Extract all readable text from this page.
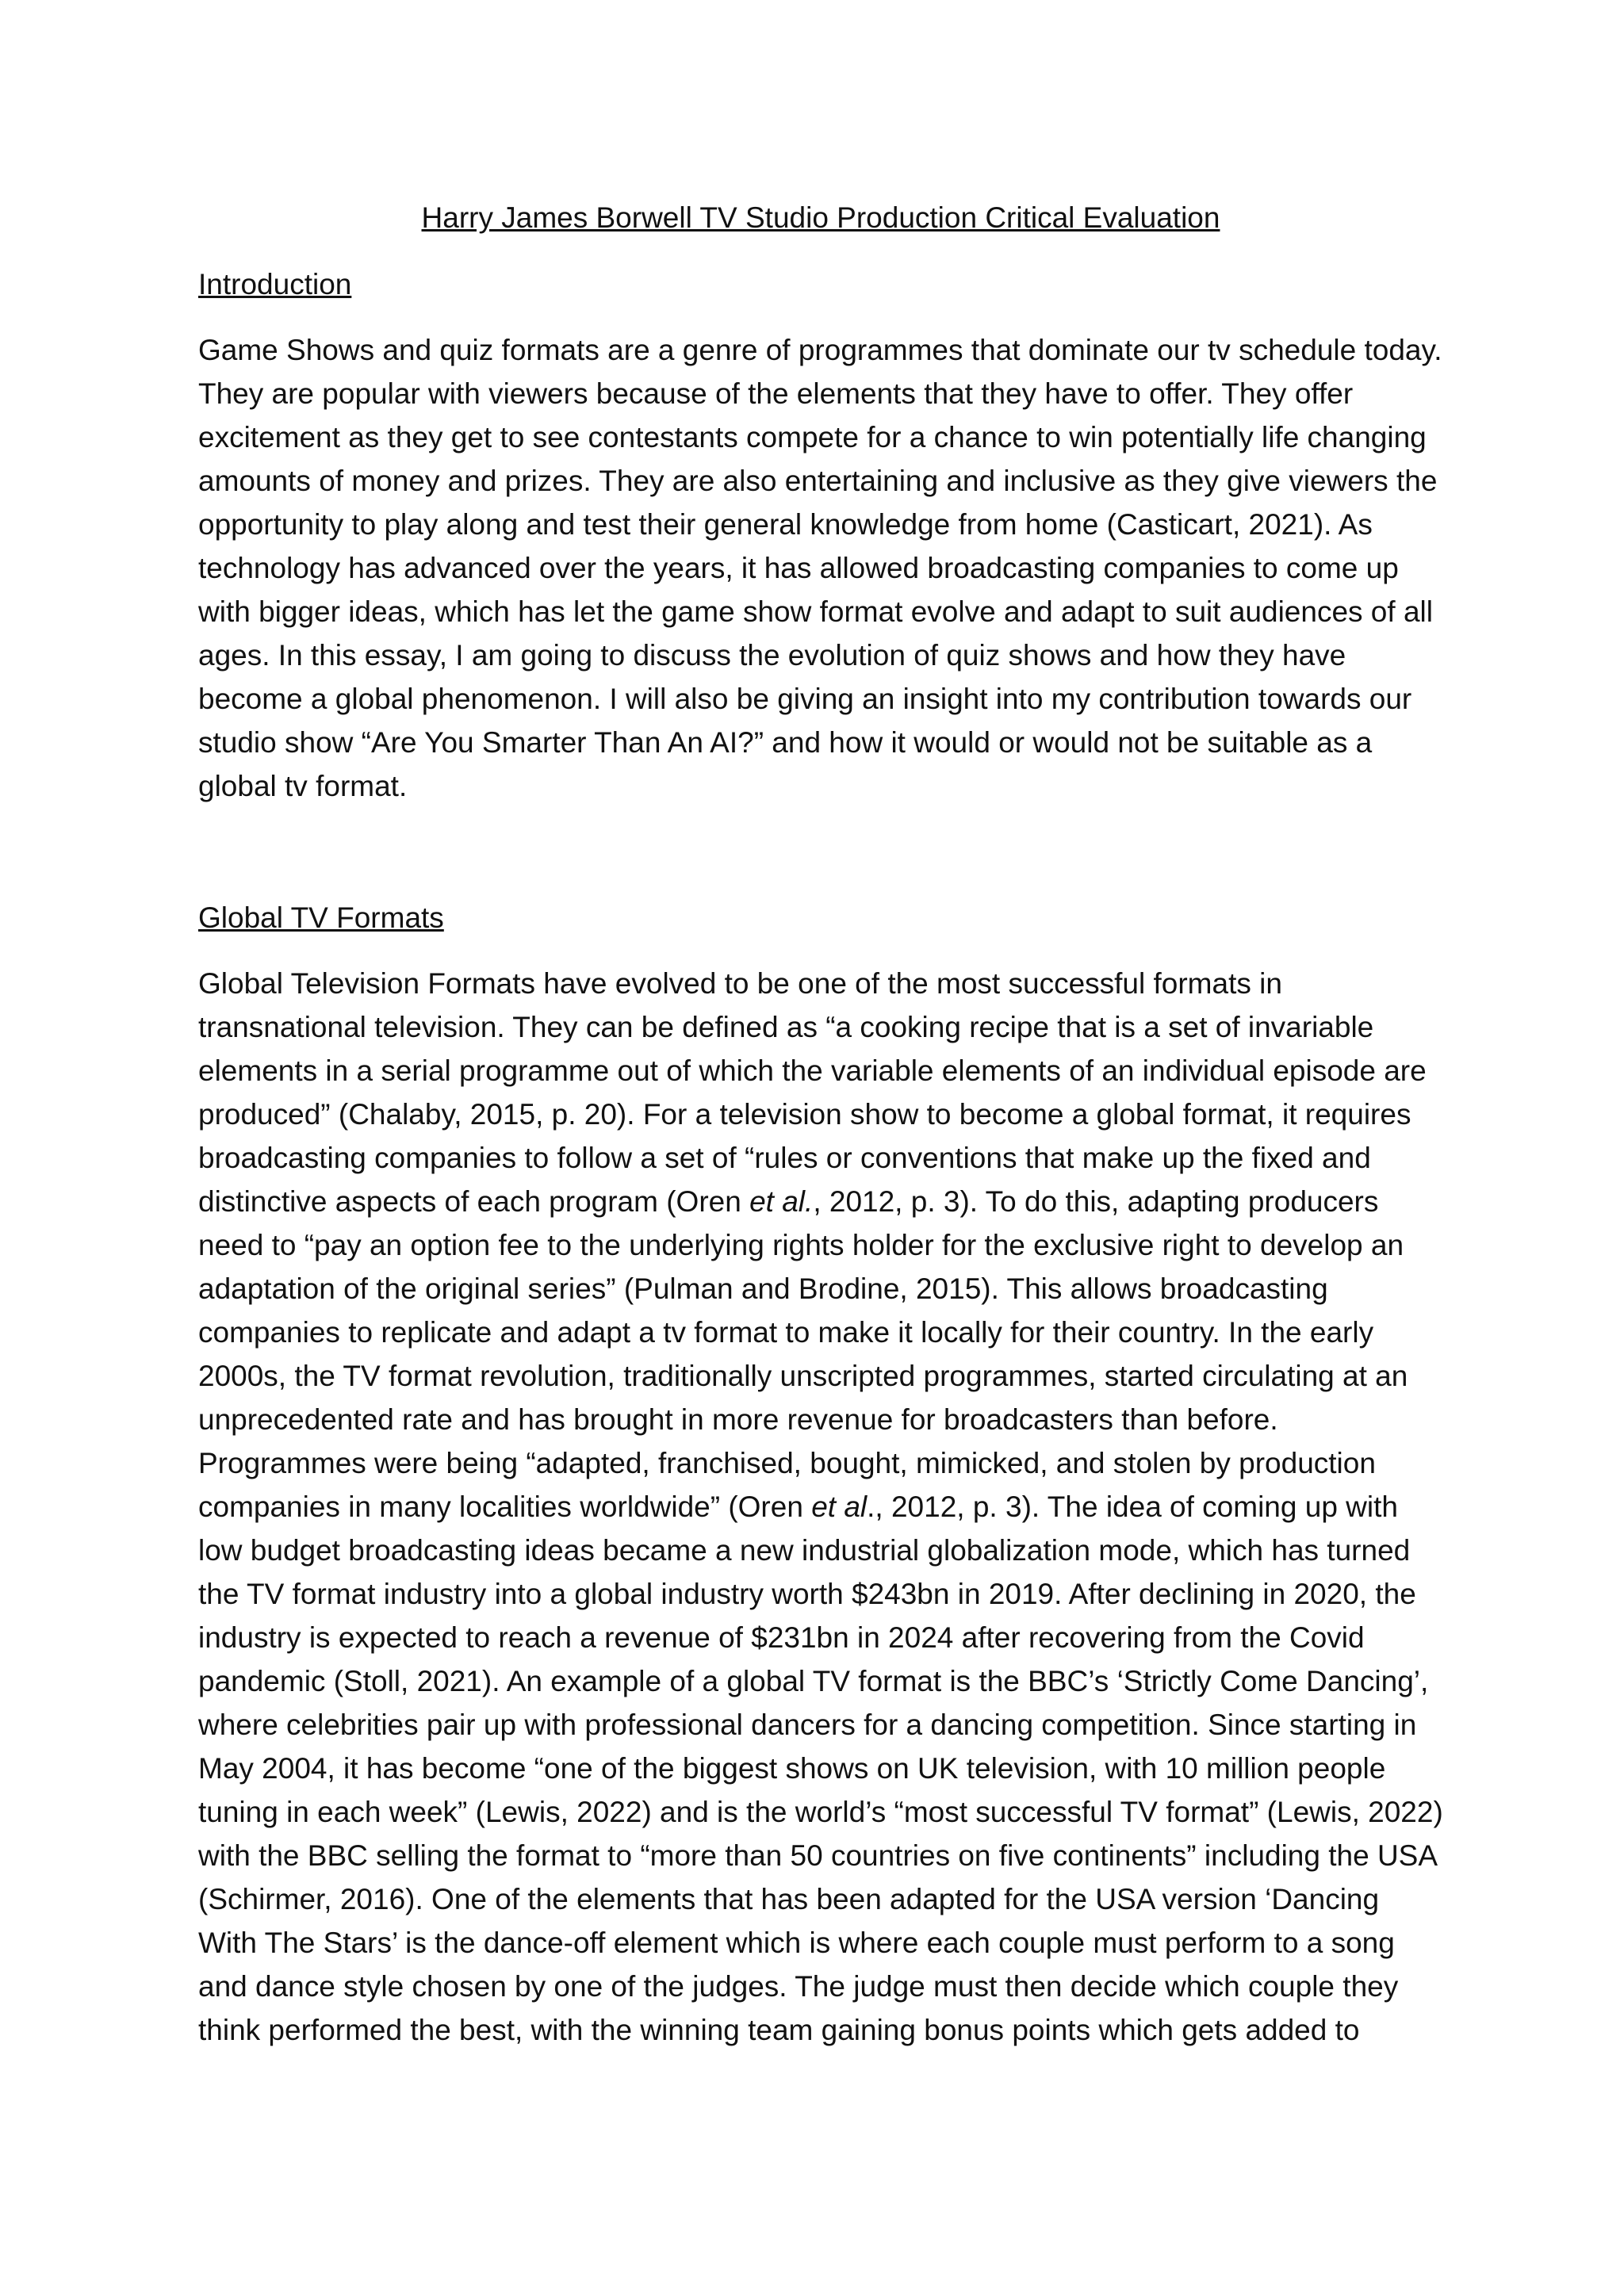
Harry James Borwell TV Studio Production Critical Evaluation
Introduction

Game Shows and quiz formats are a genre of programmes that dominate our tv schedule today. They are popular with viewers because of the elements that they have to offer. They offer excitement as they get to see contestants compete for a chance to win potentially life changing amounts of money and prizes. They are also entertaining and inclusive as they give viewers the opportunity to play along and test their general knowledge from home (Casticart, 2021). As technology has advanced over the years, it has allowed broadcasting companies to come up with bigger ideas, which has let the game show format evolve and adapt to suit audiences of all ages. In this essay, I am going to discuss the evolution of quiz shows and how they have become a global phenomenon. I will also be giving an insight into my contribution towards our studio show “Are You Smarter Than An AI?” and how it would or would not be suitable as a global tv format.

Global TV Formats

Global Television Formats have evolved to be one of the most successful formats in transnational television. They can be defined as “a cooking recipe that is a set of invariable elements in a serial programme out of which the variable elements of an individual episode are produced” (Chalaby, 2015, p. 20). For a television show to become a global format, it requires broadcasting companies to follow a set of “rules or conventions that make up the fixed and distinctive aspects of each program (Oren et al., 2012, p. 3). To do this, adapting producers need to “pay an option fee to the underlying rights holder for the exclusive right to develop an adaptation of the original series” (Pulman and Brodine, 2015). This allows broadcasting companies to replicate and adapt a tv format to make it locally for their country. In the early 2000s, the TV format revolution, traditionally unscripted programmes, started circulating at an unprecedented rate and has brought in more revenue for broadcasters than before. Programmes were being “adapted, franchised, bought, mimicked, and stolen by production companies in many localities worldwide” (Oren et al., 2012, p. 3). The idea of coming up with low budget broadcasting ideas became a new industrial globalization mode, which has turned the TV format industry into a global industry worth $243bn in 2019. After declining in 2020, the industry is expected to reach a revenue of $231bn in 2024 after recovering from the Covid pandemic (Stoll, 2021). An example of a global TV format is the BBC’s ‘Strictly Come Dancing’, where celebrities pair up with professional dancers for a dancing competition. Since starting in May 2004, it has become “one of the biggest shows on UK television, with 10 million people tuning in each week” (Lewis, 2022) and is the world’s “most successful TV format” (Lewis, 2022) with the BBC selling the format to “more than 50 countries on five continents” including the USA (Schirmer, 2016). One of the elements that has been adapted for the USA version ‘Dancing With The Stars’ is the dance-off element which is where each couple must perform to a song and dance style chosen by one of the judges. The judge must then decide which couple they think performed the best, with the winning team gaining bonus points which gets added to
